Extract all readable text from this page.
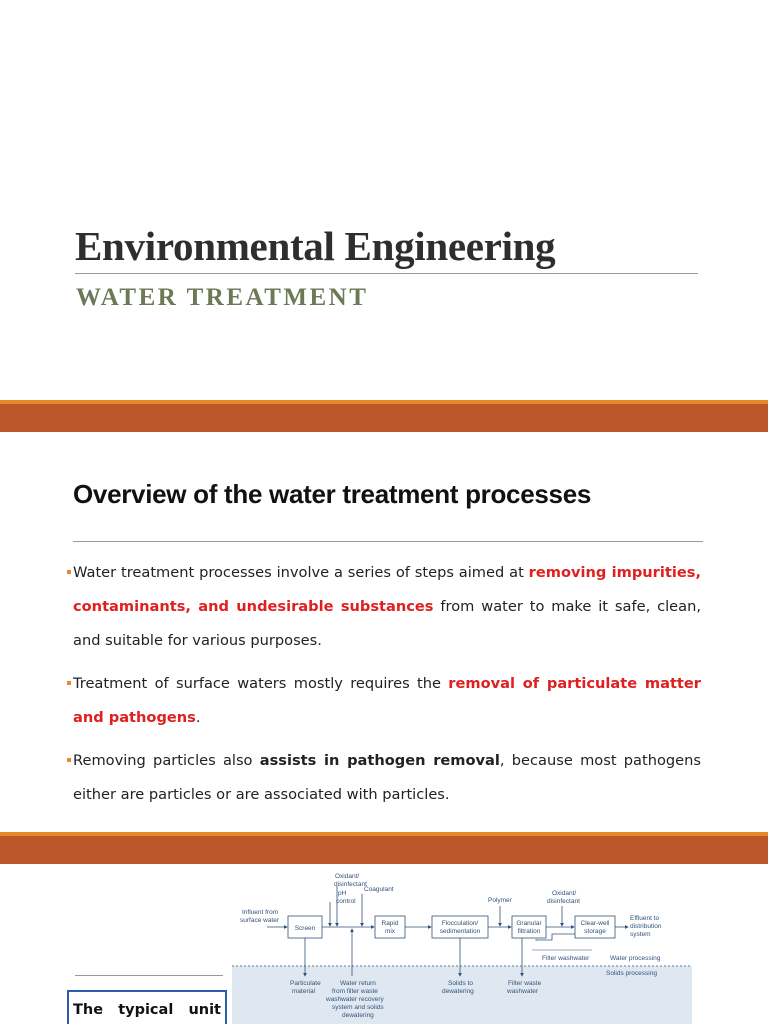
Environmental Engineering
WATER TREATMENT
Overview of the water treatment processes

Water treatment processes involve a series of steps aimed at removing impurities, contaminants, and undesirable substances from water to make it safe, clean, and suitable for various purposes.

Treatment of surface waters mostly requires the removal of particulate matter and pathogens.

Removing particles also assists in pathogen removal, because most pathogens either are particles or are associated with particles.

The typical unit
Screen
Rapid
mix
Flocculation/
sedimentation
Granular
filtration
Clear-well
storage
Influent from
surface water
Oxidant/
disinfectant
pH
control
Coagulant
Polymer
Oxidant/
disinfectant
Effluent to
distribution
system
Filter washwater	Water processing
Solids processing
Particulate
material
Water return
from filter waste
washwater recovery
system and solids
dewatering
Solids to
dewatering
Filter waste
washwater
